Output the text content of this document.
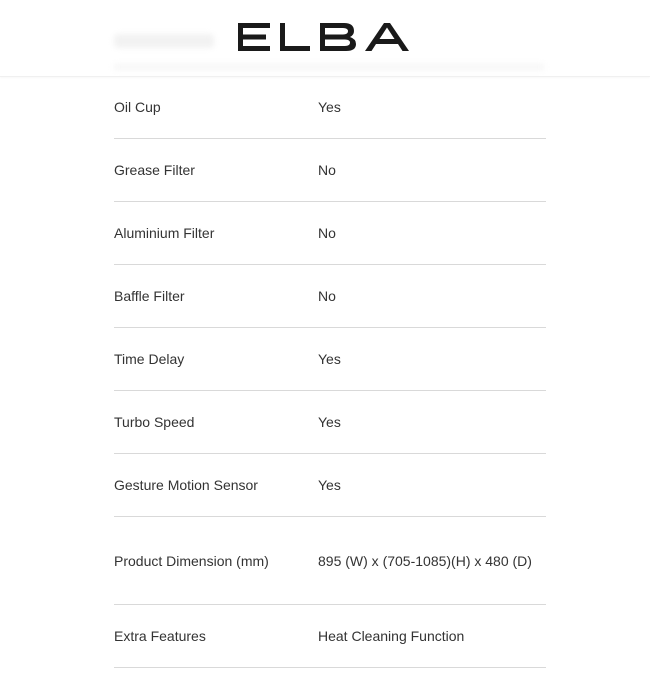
Oil Cup	Yes
Grease Filter	No
Aluminium Filter	No
Baffle Filter	No
Time Delay	Yes
Turbo Speed	Yes
Gesture Motion Sensor	Yes
Product Dimension (mm)	895 (W) x (705-1085)(H) x 480 (D)
Extra Features	Heat Cleaning Function
